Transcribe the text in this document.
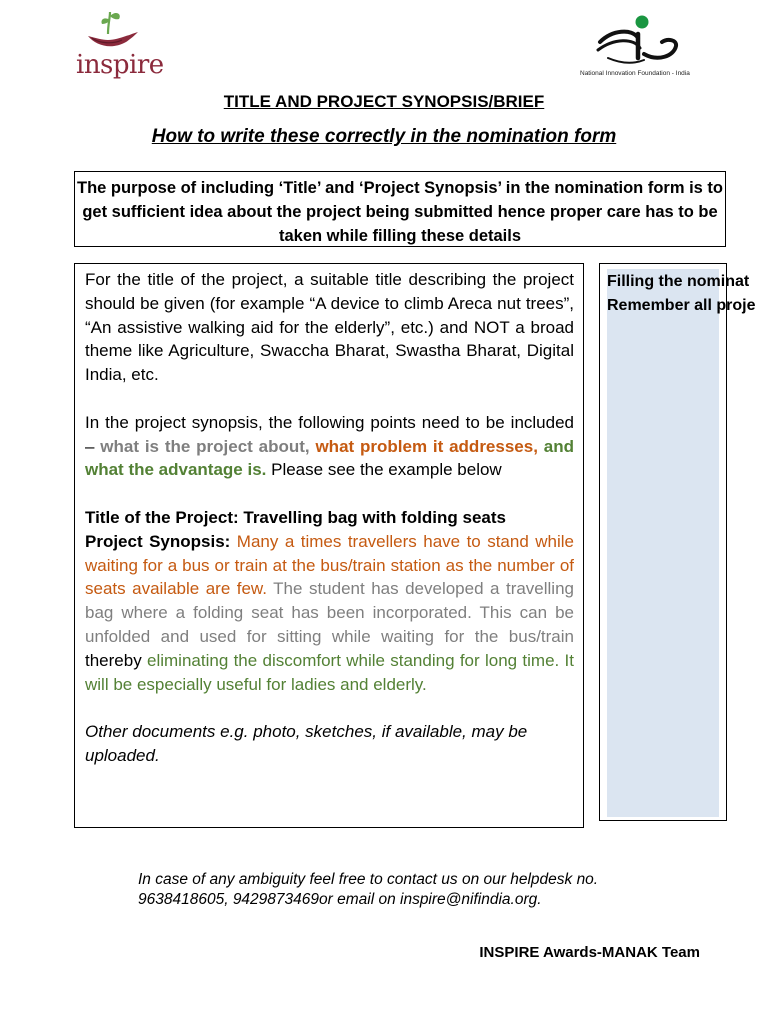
inspire	National Innovation Foundation - India
TITLE AND PROJECT SYNOPSIS/BRIEF
How to write these correctly in the nomination form
The purpose of including ‘Title’ and ‘Project Synopsis’ in the nomination form is to get sufficient idea about the project being submitted hence proper care has to be taken while filling these details

For the title of the project, a suitable title describing the project should be given (for example “A device to climb Areca nut trees”, “An assistive walking aid for the elderly”, etc.) and NOT a broad theme like Agriculture, Swaccha Bharat, Swastha Bharat, Digital India, etc.

In the project synopsis, the following points need to be included – what is the project about, what problem it addresses, and what the advantage is. Please see the example below

Title of the Project: Travelling bag with folding seats

Project Synopsis: Many a times travellers have to stand while waiting for a bus or train at the bus/train station as the number of seats available are few. The student has developed a travelling bag where a folding seat has been incorporated. This can be unfolded and used for sitting while waiting for the bus/train thereby eliminating the discomfort while standing for long time. It will be especially useful for ladies and elderly.

Other documents e.g. photo, sketches, if available, may be uploaded.

Filling the nominat
Remember all proje
In case of any ambiguity feel free to contact us on our helpdesk no. 9638418605, 9429873469or email on inspire@nifindia.org.
INSPIRE Awards-MANAK Team
